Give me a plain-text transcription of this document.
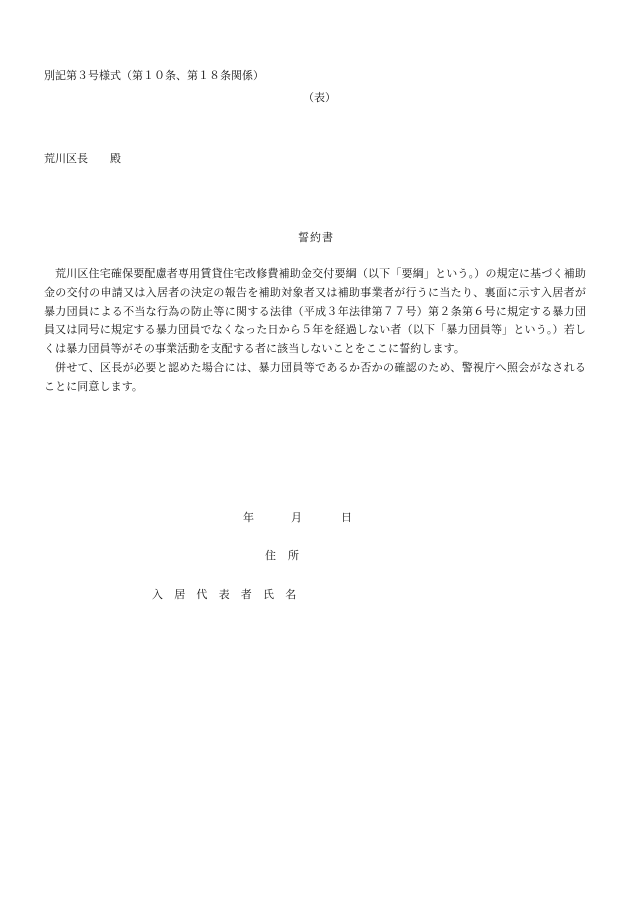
別記第３号様式（第１０条、第１８条関係）
（表）
荒川区長 殿
誓約書

荒川区住宅確保要配慮者専用賃貸住宅改修費補助金交付要綱（以下「要綱」という。）の規定に基づく補助金の交付の申請又は入居者の決定の報告を補助対象者又は補助事業者が行うに当たり、裏面に示す入居者が暴力団員による不当な行為の防止等に関する法律（平成３年法律第７７号）第２条第６号に規定する暴力団員又は同号に規定する暴力団員でなくなった日から５年を経過しない者（以下「暴力団員等」という。）若しくは暴力団員等がその事業活動を支配する者に該当しないことをここに誓約します。

併せて、区長が必要と認めた場合には、暴力団員等であるか否かの確認のため、警視庁へ照会がなされることに同意します。

年	月	日
住所
入居代表者氏名
